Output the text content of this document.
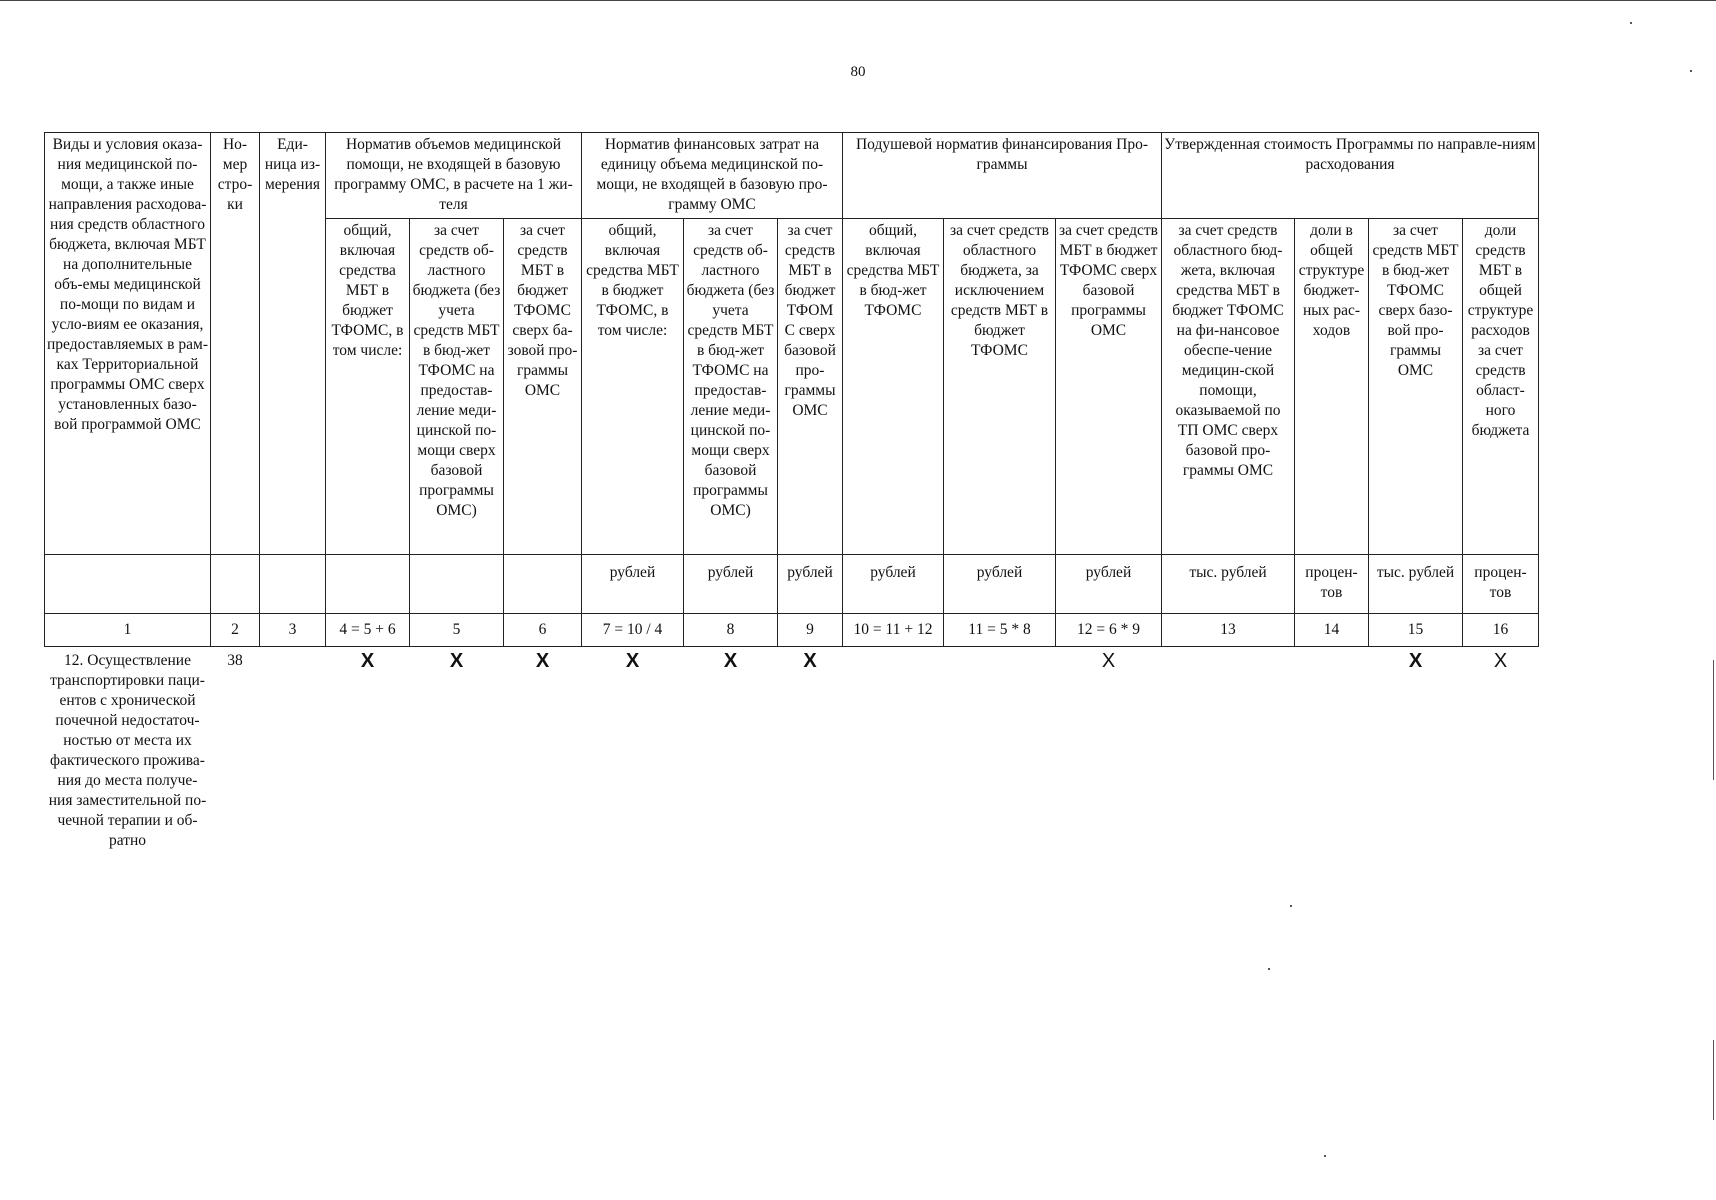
80
Виды и условия оказа-ния медицинской по-мощи, а также иные направления расходова-ния средств областного бюджета, включая МБТ на дополнительные объ-емы медицинской по-мощи по видам и усло-виям ее оказания, предоставляемых в рам-ках Территориальной программы ОМС сверх установленных базо-вой программой ОМС	Но-мер стро-ки	Еди-ница из-мерения	Норматив объемов медицинской помощи, не входящей в базовую программу ОМС, в расчете на 1 жи-теля			Норматив финансовых затрат на единицу объема медицинской по-мощи, не входящей в базовую про-грамму ОМС			Подушевой норматив финансирования Про-граммы			Утвержденная стоимость Программы по направле-ниям расходования			
			общий, включая средства МБТ в бюджет ТФОМС, в том числе:	за счет средств об-ластного бюджета (без учета средств МБТ в бюд-жет ТФОМС на предостав-ление меди-цинской по-мощи сверх базовой программы ОМС)	за счет средств МБТ в бюджет ТФОМС сверх ба-зовой про-граммы ОМС	общий, включая средства МБТ в бюджет ТФОМС, в том числе:	за счет средств об-ластного бюджета (без учета средств МБТ в бюд-жет ТФОМС на предостав-ление меди-цинской по-мощи сверх базовой программы ОМС)	за счет средств МБТ в бюджет ТФОМ С сверх базовой про-граммы ОМС	общий, включая средства МБТ в бюд-жет ТФОМС	за счет средств областного бюджета, за исключением средств МБТ в бюджет ТФОМС	за счет средств МБТ в бюджет ТФОМС сверх базовой программы ОМС	за счет средств областного бюд-жета, включая средства МБТ в бюджет ТФОМС на фи-нансовое обеспе-чение медицин-ской помощи, оказываемой по ТП ОМС сверх базовой про-граммы ОМС	доли в общей структуре бюджет-ных рас-ходов	за счет средств МБТ в бюд-жет ТФОМС сверх базо-вой про-граммы ОМС	доли средств МБТ в общей структуре расходов за счет средств област-ного бюджета
						рублей	рублей	рублей	рублей	рублей	рублей	тыс. рублей	процен-тов	тыс. рублей	процен-тов
1	2	3	4 = 5 + 6	5	6	7 = 10 / 4	8	9	10 = 11 + 12	11 = 5 * 8	12 = 6 * 9	13	14	15	16
12. Осуществление транспортировки паци-ентов с хронической почечной недостаточ-ностью от места их фактического прожива-ния до места получе-ния заместительной по-чечной терапии и об-ратно	38		X	X	X	X	X	X			X			X	X
